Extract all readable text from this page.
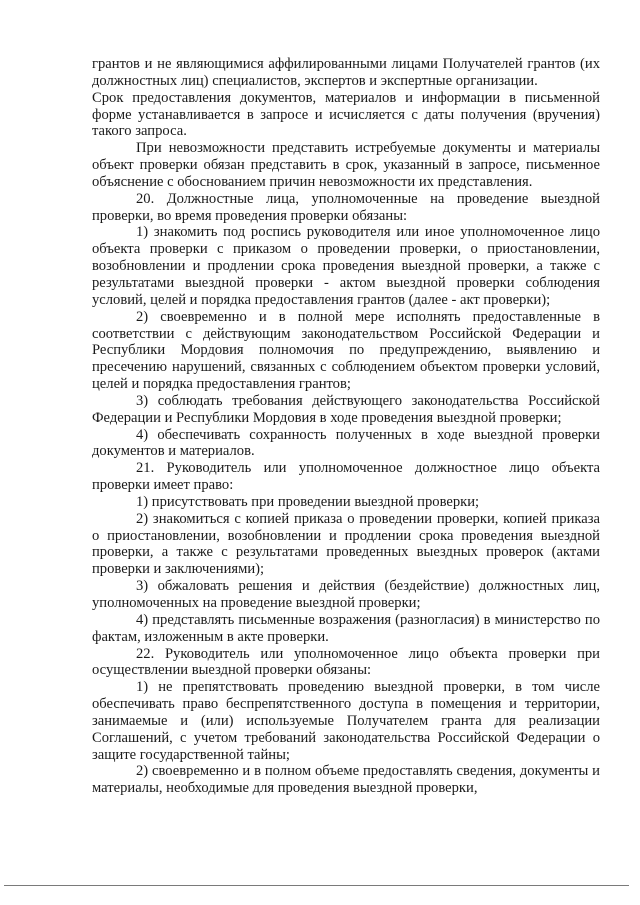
грантов и не являющимися аффилированными лицами Получателей грантов (их должностных лиц) специалистов, экспертов и экспертные организации.

Срок предоставления документов, материалов и информации в письменной форме устанавливается в запросе и исчисляется с даты получения (вручения) такого запроса.

При невозможности представить истребуемые документы и материалы объект проверки обязан представить в срок, указанный в запросе, письменное объяснение с обоснованием причин невозможности их представления.

20. Должностные лица, уполномоченные на проведение выездной проверки, во время проведения проверки обязаны:

1) знакомить под роспись руководителя или иное уполномоченное лицо объекта проверки с приказом о проведении проверки, о приостановлении, возобновлении и продлении срока проведения выездной проверки, а также с результатами выездной проверки - актом выездной проверки соблюдения условий, целей и порядка предоставления грантов (далее - акт проверки);

2) своевременно и в полной мере исполнять предоставленные в соответствии с действующим законодательством Российской Федерации и Республики Мордовия полномочия по предупреждению, выявлению и пресечению нарушений, связанных с соблюдением объектом проверки условий, целей и порядка предоставления грантов;

3) соблюдать требования действующего законодательства Российской Федерации и Республики Мордовия в ходе проведения выездной проверки;

4) обеспечивать сохранность полученных в ходе выездной проверки документов и материалов.

21. Руководитель или уполномоченное должностное лицо объекта проверки имеет право:

1) присутствовать при проведении выездной проверки;

2) знакомиться с копией приказа о проведении проверки, копией приказа о приостановлении, возобновлении и продлении срока проведения выездной проверки, а также с результатами проведенных выездных проверок (актами проверки и заключениями);

3) обжаловать решения и действия (бездействие) должностных лиц, уполномоченных на проведение выездной проверки;

4) представлять письменные возражения (разногласия) в министерство по фактам, изложенным в акте проверки.

22. Руководитель или уполномоченное лицо объекта проверки при осуществлении выездной проверки обязаны:

1) не препятствовать проведению выездной проверки, в том числе обеспечивать право беспрепятственного доступа в помещения и территории, занимаемые и (или) используемые Получателем гранта для реализации Соглашений, с учетом требований законодательства Российской Федерации о защите государственной тайны;

2) своевременно и в полном объеме предоставлять сведения, документы и материалы, необходимые для проведения выездной проверки,
